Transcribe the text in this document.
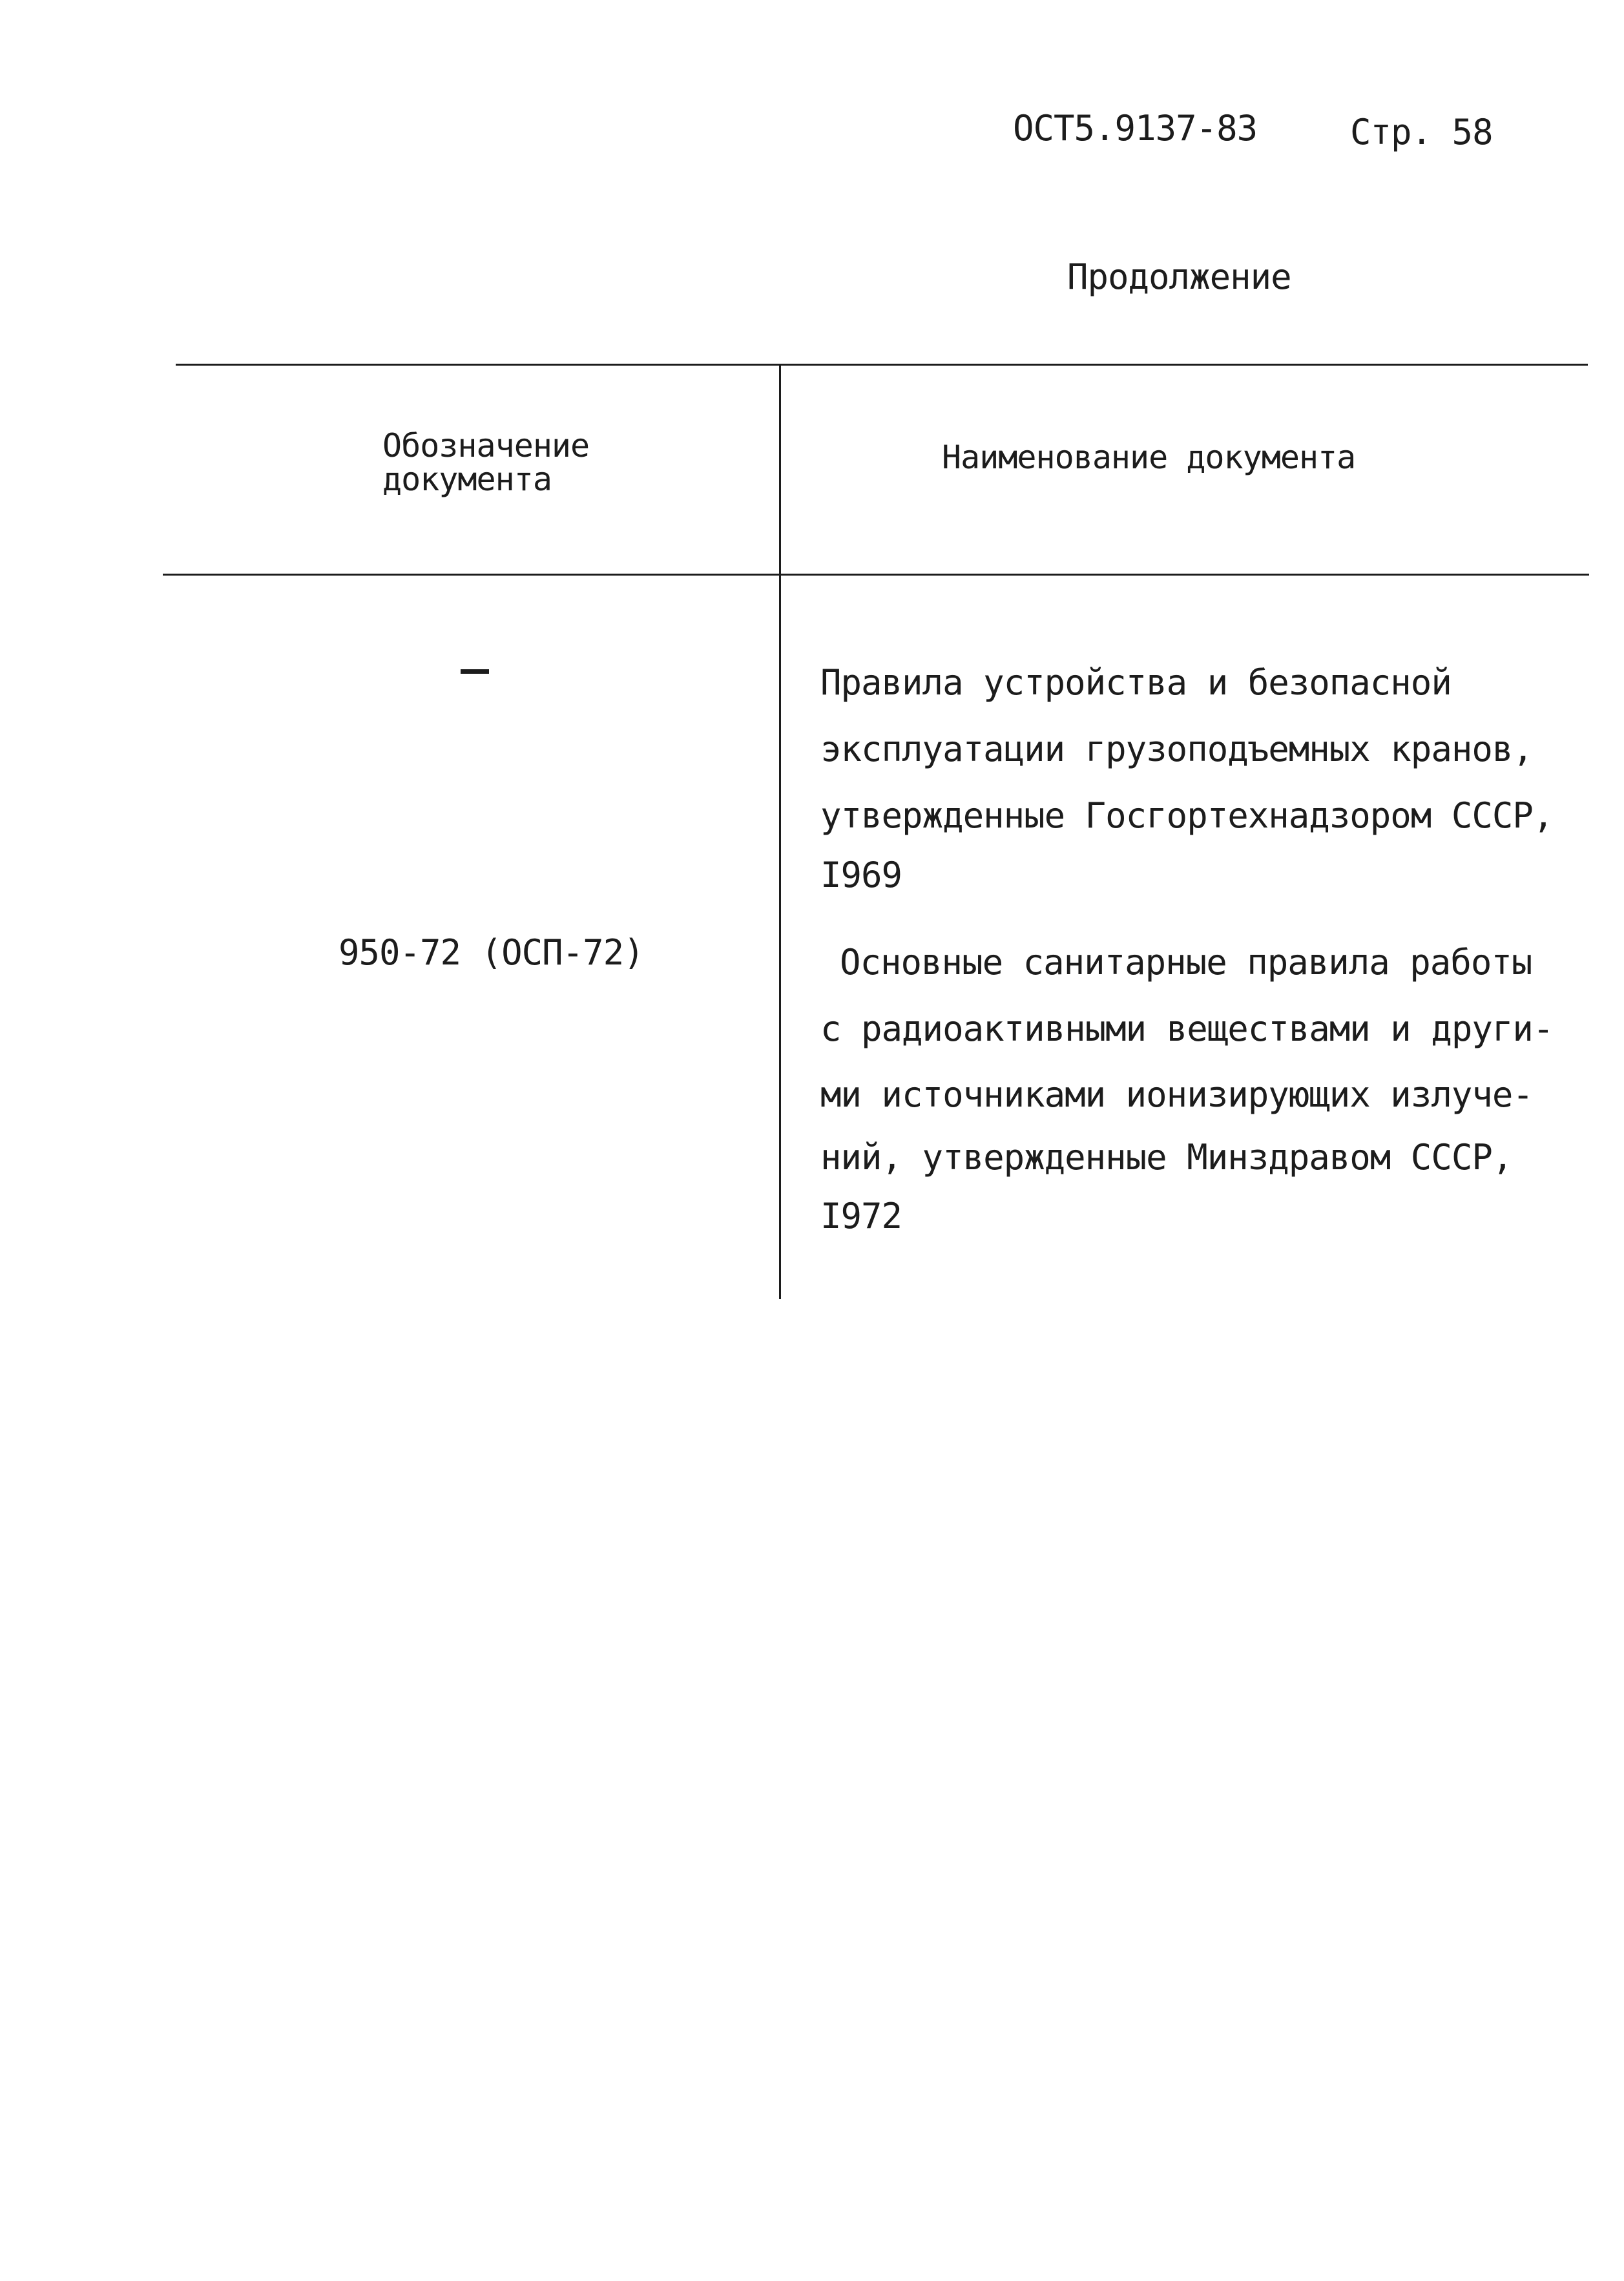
ОСТ5.9137-83	Стр. 58
Продолжение
Обозначение
документа
Наименование документа
Правила устройства и безопасной
эксплуатации грузоподъемных кранов,
утвержденные Госгортехнадзором СССР,
I969
950-72 (ОСП-72)	Основные санитарные правила работы
с радиоактивными веществами и други-
ми источниками ионизирующих излуче-
ний, утвержденные Минздравом СССР,
I972
